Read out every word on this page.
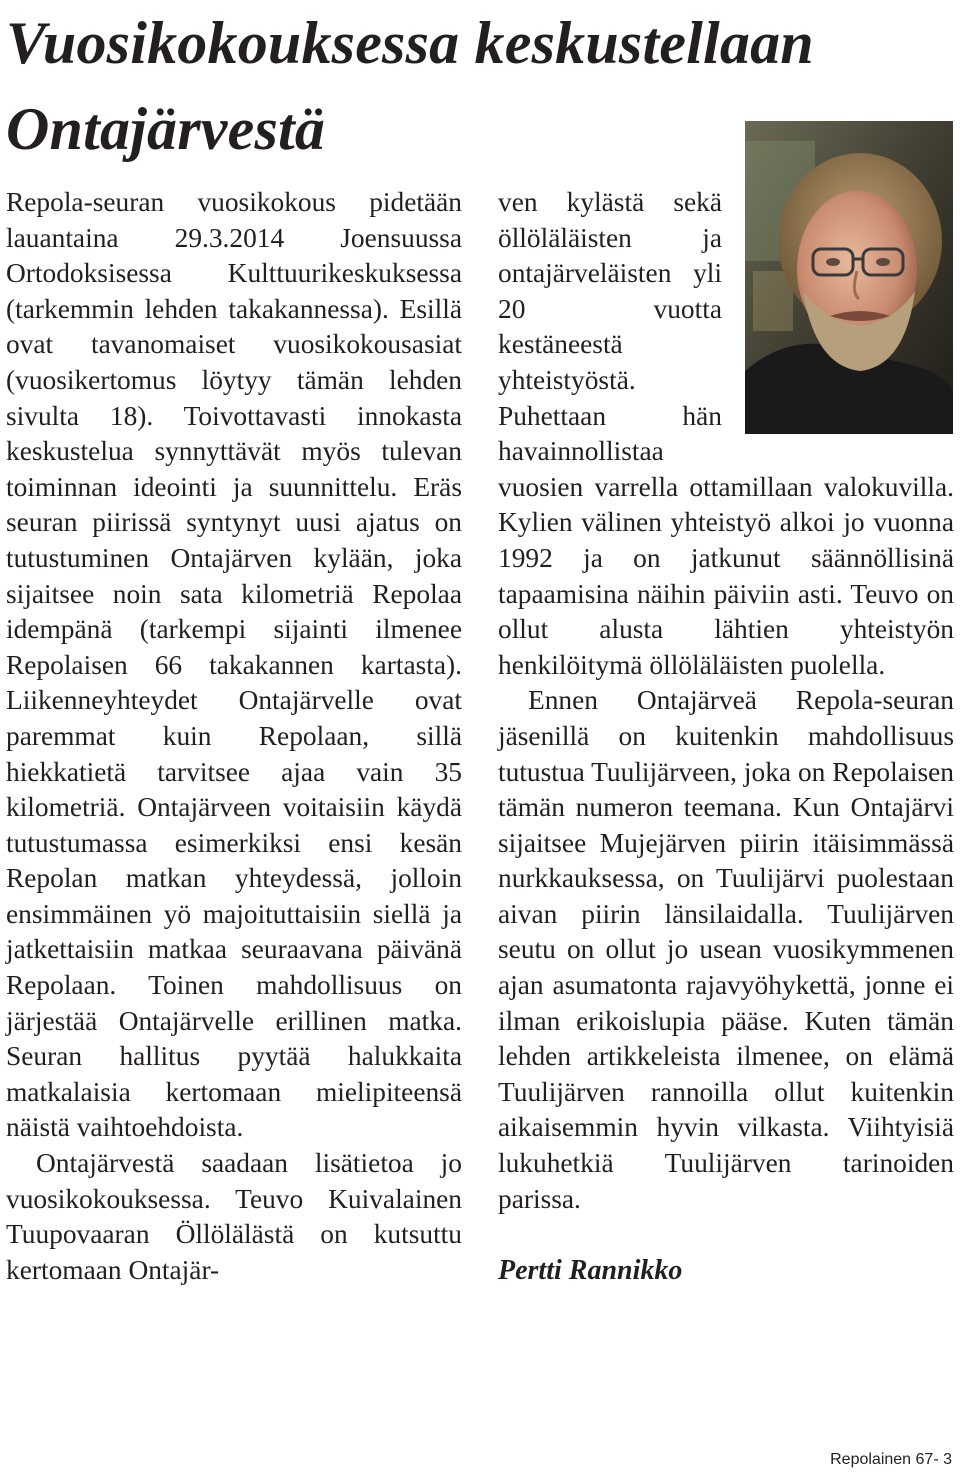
Vuosikokouksessa keskustellaan Ontajärvestä

Repola-seuran vuosikokous pidetään lauantaina 29.3.2014 Joensuussa Ortodoksisessa Kulttuurikeskuksessa (tarkemmin lehden takakannessa). Esillä ovat tavanomaiset vuosikokousasiat (vuosikertomus löytyy tämän lehden sivulta 18). Toivottavasti innokasta keskustelua synnyttävät myös tulevan toiminnan ideointi ja suunnittelu. Eräs seuran piirissä syntynyt uusi ajatus on tutustuminen Ontajärven kylään, joka sijaitsee noin sata kilometriä Repolaa idempänä (tarkempi sijainti ilmenee Repolaisen 66 takakannen kartasta). Liikenneyhteydet Ontajärvelle ovat paremmat kuin Repolaan, sillä hiekkatietä tarvitsee ajaa vain 35 kilometriä. Ontajärveen voitaisiin käydä tutustumassa esimerkiksi ensi kesän Repolan matkan yhteydessä, jolloin ensimmäinen yö majoituttaisiin siellä ja jatkettaisiin matkaa seuraavana päivänä Repolaan. Toinen mahdollisuus on järjestää Ontajärvelle erillinen matka. Seuran hallitus pyytää halukkaita matkalaisia kertomaan mielipiteensä näistä vaihtoehdoista.

Ontajärvestä saadaan lisätietoa jo vuosikokouksessa. Teuvo Kuivalainen Tuupovaaran Öllölälästä on kutsuttu kertomaan Ontajär-

ven kylästä sekä öllöläläisten ja ontajärveläisten yli 20 vuotta kestäneestä yhteistyöstä. Puhettaan hän havainnollistaa vuosien varrella ottamillaan valokuvilla. Kylien välinen yhteistyö alkoi jo vuonna 1992 ja on jatkunut säännöllisinä tapaamisina näihin päiviin asti. Teuvo on ollut alusta lähtien yhteistyön henkilöitymä öllöläläisten puolella.

Ennen Ontajärveä Repola-seuran jäsenillä on kuitenkin mahdollisuus tutustua Tuulijärveen, joka on Repolaisen tämän numeron teemana. Kun Ontajärvi sijaitsee Mujejärven piirin itäisimmässä nurkkauksessa, on Tuulijärvi puolestaan aivan piirin länsilaidalla. Tuulijärven seutu on ollut jo usean vuosikymmenen ajan asumatonta rajavyöhykettä, jonne ei ilman erikoislupia pääse. Kuten tämän lehden artikkeleista ilmenee, on elämä Tuulijärven rannoilla ollut kuitenkin aikaisemmin hyvin vilkasta. Viihtyisiä lukuhetkiä Tuulijärven tarinoiden parissa.

Pertti Rannikko

Repolainen 67- 3
